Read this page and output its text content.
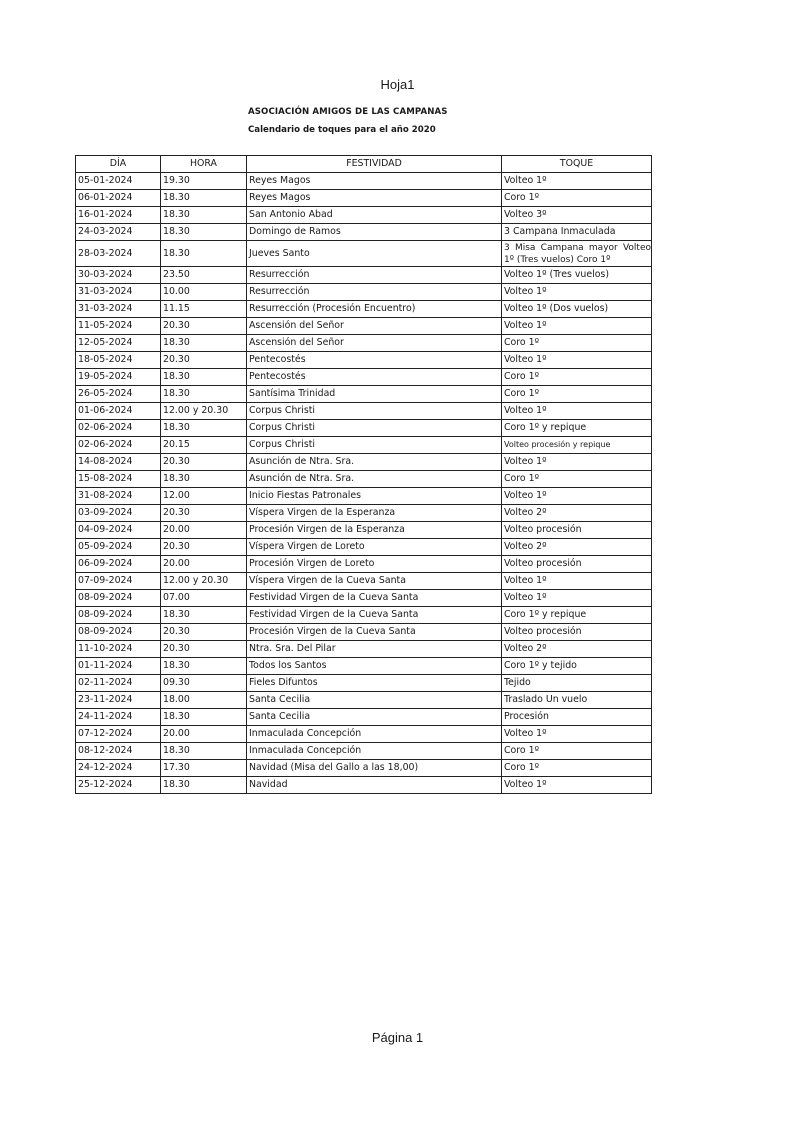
Hoja1
ASOCIACIÓN AMIGOS DE LAS CAMPANAS
Calendario de toques para el año 2020
DÍA	HORA	FESTIVIDAD	TOQUE
05-01-2024	19.30	Reyes Magos	Volteo 1º
06-01-2024	18.30	Reyes Magos	Coro 1º
16-01-2024	18.30	San Antonio Abad	Volteo 3º
24-03-2024	18.30	Domingo de Ramos	3 Campana Inmaculada
28-03-2024	18.30	Jueves Santo	3 Misa Campana mayor Volteo 1º (Tres vuelos) Coro 1º
30-03-2024	23.50	Resurrección	Volteo 1º (Tres vuelos)
31-03-2024	10.00	Resurrección	Volteo 1º
31-03-2024	11.15	Resurrección (Procesión Encuentro)	Volteo 1º (Dos vuelos)
11-05-2024	20.30	Ascensión del Señor	Volteo 1º
12-05-2024	18.30	Ascensión del Señor	Coro 1º
18-05-2024	20.30	Pentecostés	Volteo 1º
19-05-2024	18.30	Pentecostés	Coro 1º
26-05-2024	18.30	Santísima Trinidad	Coro 1º
01-06-2024	12.00 y 20.30	Corpus Christi	Volteo 1º
02-06-2024	18.30	Corpus Christi	Coro 1º y repique
02-06-2024	20.15	Corpus Christi	Volteo procesión y repique
14-08-2024	20.30	Asunción de Ntra. Sra.	Volteo 1º
15-08-2024	18.30	Asunción de Ntra. Sra.	Coro 1º
31-08-2024	12.00	Inicio Fiestas Patronales	Volteo 1º
03-09-2024	20.30	Víspera Virgen de la Esperanza	Volteo 2º
04-09-2024	20.00	Procesión Virgen de la Esperanza	Volteo procesión
05-09-2024	20.30	Víspera Virgen de Loreto	Volteo 2º
06-09-2024	20.00	Procesión Virgen de Loreto	Volteo procesión
07-09-2024	12.00 y 20.30	Víspera Virgen de la Cueva Santa	Volteo 1º
08-09-2024	07.00	Festividad Virgen de la Cueva Santa	Volteo 1º
08-09-2024	18.30	Festividad Virgen de la Cueva Santa	Coro 1º y repique
08-09-2024	20.30	Procesión Virgen de la Cueva Santa	Volteo procesión
11-10-2024	20.30	Ntra. Sra. Del Pilar	Volteo 2º
01-11-2024	18.30	Todos los Santos	Coro 1º y tejido
02-11-2024	09.30	Fieles Difuntos	Tejido
23-11-2024	18.00	Santa Cecilia	Traslado Un vuelo
24-11-2024	18.30	Santa Cecilia	Procesión
07-12-2024	20.00	Inmaculada Concepción	Volteo 1º
08-12-2024	18.30	Inmaculada Concepción	Coro 1º
24-12-2024	17.30	Navidad (Misa del Gallo a las 18,00)	Coro 1º
25-12-2024	18.30	Navidad	Volteo 1º
Página 1
